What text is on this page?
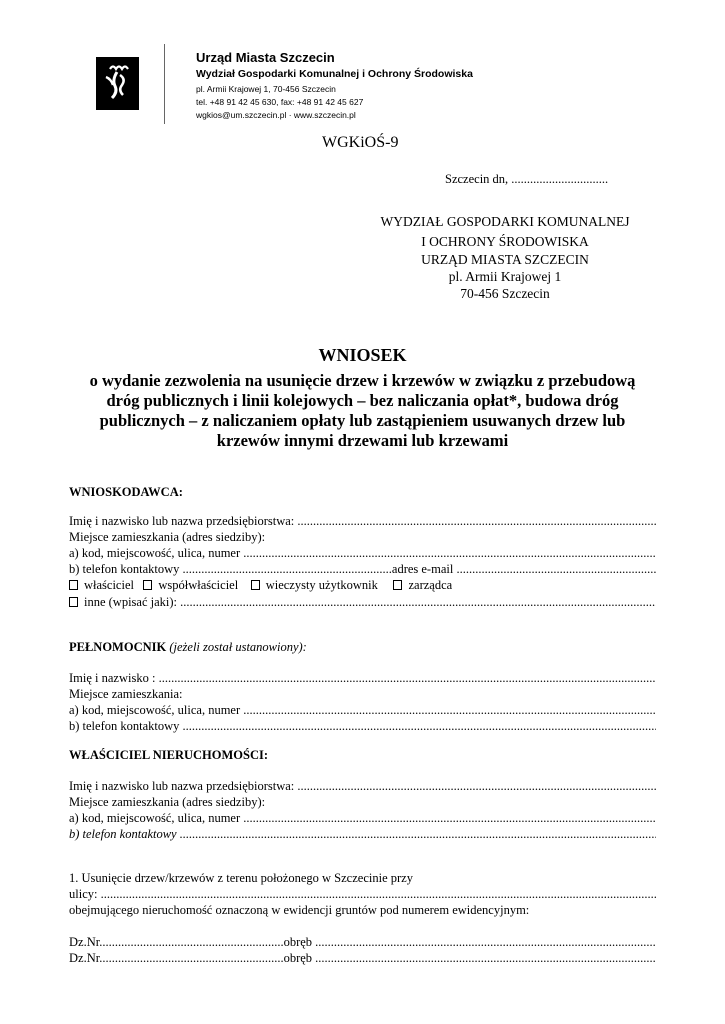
Urząd Miasta Szczecin
Wydział Gospodarki Komunalnej i Ochrony Środowiska
pl. Armii Krajowej 1, 70-456 Szczecin
tel. +48 91 42 45 630, fax: +48 91 42 45 627
wgkios@um.szczecin.pl · www.szczecin.pl
WGKiOŚ-9
Szczecin dn, ...............................
WYDZIAŁ GOSPODARKI KOMUNALNEJ
I OCHRONY ŚRODOWISKA
URZĄD MIASTA SZCZECIN
pl. Armii Krajowej 1
70-456 Szczecin
WNIOSEK
o wydanie zezwolenia na usunięcie drzew i krzewów w związku z przebudową
dróg publicznych i linii kolejowych – bez naliczania opłat*, budowa dróg
publicznych – z naliczaniem opłaty lub zastąpieniem usuwanych drzew lub
krzewów innymi drzewami lub krzewami
WNIOSKODAWCA:
Imię i nazwisko lub nazwa przedsiębiorstwa: .....
Miejsce zamieszkania (adres siedziby):
a) kod, miejscowość, ulica, numer .....
b) telefon kontaktowy ...................................................................adres e-mail .....
właściciel współwłaściciel wieczysty użytkownik zarządca
inne (wpisać jaki): .....
PEŁNOMOCNIK (jeżeli został ustanowiony):
Imię i nazwisko : .....
Miejsce zamieszkania:
a) kod, miejscowość, ulica, numer .....
b) telefon kontaktowy .....
WŁAŚCICIEL NIERUCHOMOŚCI:
Imię i nazwisko lub nazwa przedsiębiorstwa: .....
Miejsce zamieszkania (adres siedziby):
a) kod, miejscowość, ulica, numer .....
b) telefon kontaktowy .....
1. Usunięcie drzew/krzewów z terenu położonego w Szczecinie przy
ulicy: .....
obejmującego nieruchomość oznaczoną w ewidencji gruntów pod numerem ewidencyjnym:
Dz.Nr...........................................................obręb .....
Dz.Nr...........................................................obręb .....
